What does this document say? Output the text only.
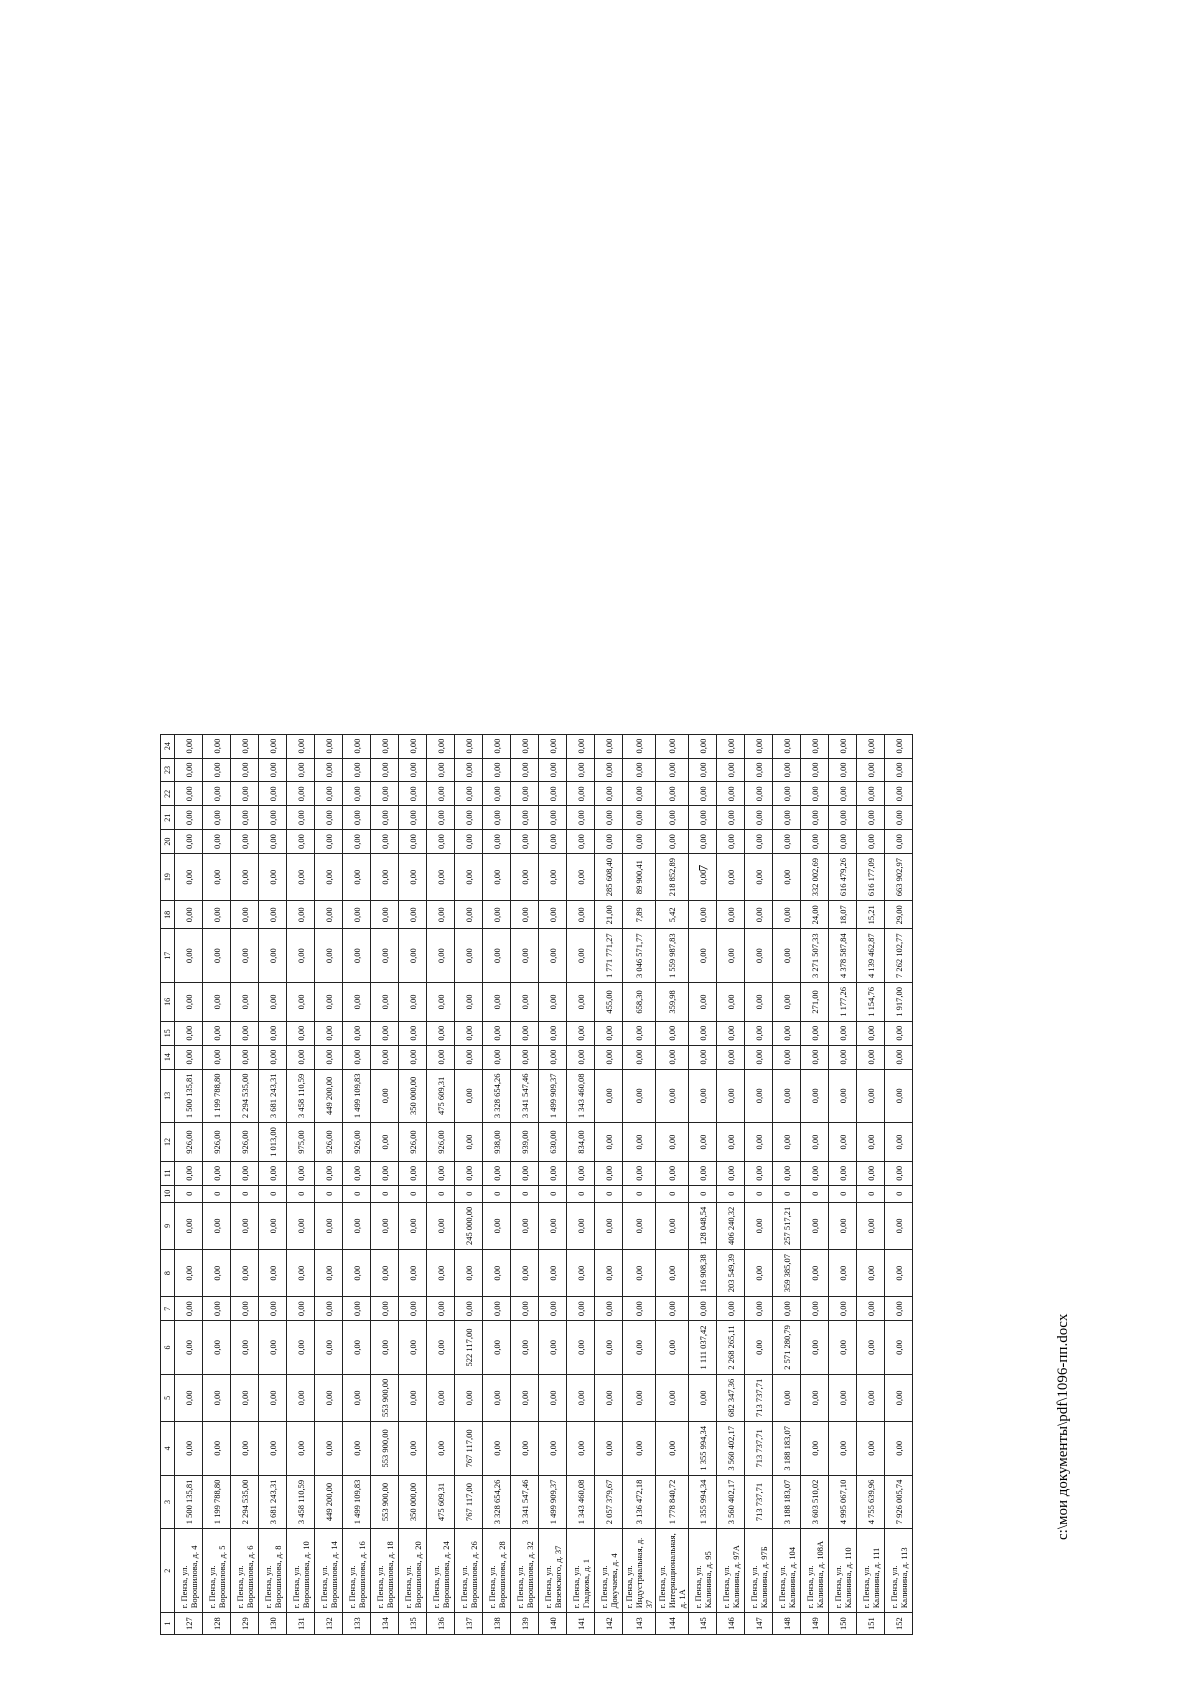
7
1	2	3	4	5	6	7	8	9	10	11	12	13	14	15	16	17	18	19	20	21	22	23	24
127	г. Пенза, ул. Ворошилова, д. 4	1 500 135,81	0,00	0,00	0,00	0,00	0,00	0,00	0	0,00	926,00	1 500 135,81	0,00	0,00	0,00	0,00	0,00	0,00	0,00	0,00	0,00	0,00	0,00
128	г. Пенза, ул. Ворошилова, д. 5	1 199 788,80	0,00	0,00	0,00	0,00	0,00	0,00	0	0,00	926,00	1 199 788,80	0,00	0,00	0,00	0,00	0,00	0,00	0,00	0,00	0,00	0,00	0,00
129	г. Пенза, ул. Ворошилова, д. 6	2 294 535,00	0,00	0,00	0,00	0,00	0,00	0,00	0	0,00	926,00	2 294 535,00	0,00	0,00	0,00	0,00	0,00	0,00	0,00	0,00	0,00	0,00	0,00
130	г. Пенза, ул. Ворошилова, д. 8	3 681 243,31	0,00	0,00	0,00	0,00	0,00	0,00	0	0,00	1 013,00	3 681 243,31	0,00	0,00	0,00	0,00	0,00	0,00	0,00	0,00	0,00	0,00	0,00
131	г. Пенза, ул. Ворошилова, д. 10	3 458 110,59	0,00	0,00	0,00	0,00	0,00	0,00	0	0,00	975,00	3 458 110,59	0,00	0,00	0,00	0,00	0,00	0,00	0,00	0,00	0,00	0,00	0,00
132	г. Пенза, ул. Ворошилова, д. 14	449 200,00	0,00	0,00	0,00	0,00	0,00	0,00	0	0,00	926,00	449 200,00	0,00	0,00	0,00	0,00	0,00	0,00	0,00	0,00	0,00	0,00	0,00
133	г. Пенза, ул. Ворошилова, д. 16	1 499 109,83	0,00	0,00	0,00	0,00	0,00	0,00	0	0,00	926,00	1 499 109,83	0,00	0,00	0,00	0,00	0,00	0,00	0,00	0,00	0,00	0,00	0,00
134	г. Пенза, ул. Ворошилова, д. 18	553 900,00	553 900,00	553 900,00	0,00	0,00	0,00	0,00	0	0,00	0,00	0,00	0,00	0,00	0,00	0,00	0,00	0,00	0,00	0,00	0,00	0,00	0,00
135	г. Пенза, ул. Ворошилова, д. 20	350 000,00	0,00	0,00	0,00	0,00	0,00	0,00	0	0,00	926,00	350 000,00	0,00	0,00	0,00	0,00	0,00	0,00	0,00	0,00	0,00	0,00	0,00
136	г. Пенза, ул. Ворошилова, д. 24	475 609,31	0,00	0,00	0,00	0,00	0,00	0,00	0	0,00	926,00	475 609,31	0,00	0,00	0,00	0,00	0,00	0,00	0,00	0,00	0,00	0,00	0,00
137	г. Пенза, ул. Ворошилова, д. 26	767 117,00	767 117,00	0,00	522 117,00	0,00	0,00	245 000,00	0	0,00	0,00	0,00	0,00	0,00	0,00	0,00	0,00	0,00	0,00	0,00	0,00	0,00	0,00
138	г. Пенза, ул. Ворошилова, д. 28	3 328 654,26	0,00	0,00	0,00	0,00	0,00	0,00	0	0,00	938,00	3 328 654,26	0,00	0,00	0,00	0,00	0,00	0,00	0,00	0,00	0,00	0,00	0,00
139	г. Пенза, ул. Ворошилова, д. 32	3 341 547,46	0,00	0,00	0,00	0,00	0,00	0,00	0	0,00	939,00	3 341 547,46	0,00	0,00	0,00	0,00	0,00	0,00	0,00	0,00	0,00	0,00	0,00
140	г. Пенза, ул. Вяземского, д. 37	1 499 909,37	0,00	0,00	0,00	0,00	0,00	0,00	0	0,00	630,00	1 499 909,37	0,00	0,00	0,00	0,00	0,00	0,00	0,00	0,00	0,00	0,00	0,00
141	г. Пенза, ул. Гладкова, д. 1	1 343 460,08	0,00	0,00	0,00	0,00	0,00	0,00	0	0,00	834,00	1 343 460,08	0,00	0,00	0,00	0,00	0,00	0,00	0,00	0,00	0,00	0,00	0,00
142	г. Пенза, ул. Докучаева, д. 4	2 057 379,67	0,00	0,00	0,00	0,00	0,00	0,00	0	0,00	0,00	0,00	0,00	0,00	455,00	1 771 771,27	21,00	285 608,40	0,00	0,00	0,00	0,00	0,00
143	г. Пенза, ул. Индустриальная, д. 37	3 136 472,18	0,00	0,00	0,00	0,00	0,00	0,00	0	0,00	0,00	0,00	0,00	0,00	658,30	3 046 571,77	7,89	89 900,41	0,00	0,00	0,00	0,00	0,00
144	г. Пенза, ул. Интернациональная, д. 1А	1 778 840,72	0,00	0,00	0,00	0,00	0,00	0,00	0	0,00	0,00	0,00	0,00	0,00	359,98	1 559 987,83	5,42	218 852,89	0,00	0,00	0,00	0,00	0,00
145	г. Пенза, ул. Калинина, д. 95	1 355 994,34	1 355 994,34	0,00	1 111 037,42	0,00	116 908,38	128 048,54	0	0,00	0,00	0,00	0,00	0,00	0,00	0,00	0,00	0,00	0,00	0,00	0,00	0,00	0,00
146	г. Пенза, ул. Калинина, д. 97А	3 560 402,17	3 560 402,17	682 347,36	2 268 265,11	0,00	203 549,39	406 240,32	0	0,00	0,00	0,00	0,00	0,00	0,00	0,00	0,00	0,00	0,00	0,00	0,00	0,00	0,00
147	г. Пенза, ул. Калинина, д. 97Б	713 737,71	713 737,71	713 737,71	0,00	0,00	0,00	0,00	0	0,00	0,00	0,00	0,00	0,00	0,00	0,00	0,00	0,00	0,00	0,00	0,00	0,00	0,00
148	г. Пенза, ул. Калинина, д. 104	3 188 183,07	3 188 183,07	0,00	2 571 280,79	0,00	359 385,07	257 517,21	0	0,00	0,00	0,00	0,00	0,00	0,00	0,00	0,00	0,00	0,00	0,00	0,00	0,00	0,00
149	г. Пенза, ул. Калинина, д. 108А	3 603 510,02	0,00	0,00	0,00	0,00	0,00	0,00	0	0,00	0,00	0,00	0,00	0,00	271,00	3 271 507,33	24,00	332 002,69	0,00	0,00	0,00	0,00	0,00
150	г. Пенза, ул. Калинина, д. 110	4 995 067,10	0,00	0,00	0,00	0,00	0,00	0,00	0	0,00	0,00	0,00	0,00	0,00	1 177,26	4 378 587,84	18,07	616 479,26	0,00	0,00	0,00	0,00	0,00
151	г. Пенза, ул. Калинина, д. 111	4 755 639,96	0,00	0,00	0,00	0,00	0,00	0,00	0	0,00	0,00	0,00	0,00	0,00	1 154,76	4 139 462,87	15,21	616 177,09	0,00	0,00	0,00	0,00	0,00
152	г. Пенза, ул. Калинина, д. 113	7 926 005,74	0,00	0,00	0,00	0,00	0,00	0,00	0	0,00	0,00	0,00	0,00	0,00	1 917,00	7 262 102,77	29,00	663 902,97	0,00	0,00	0,00	0,00	0,00
c:\мои документы\pdf\1096-пп.docx
